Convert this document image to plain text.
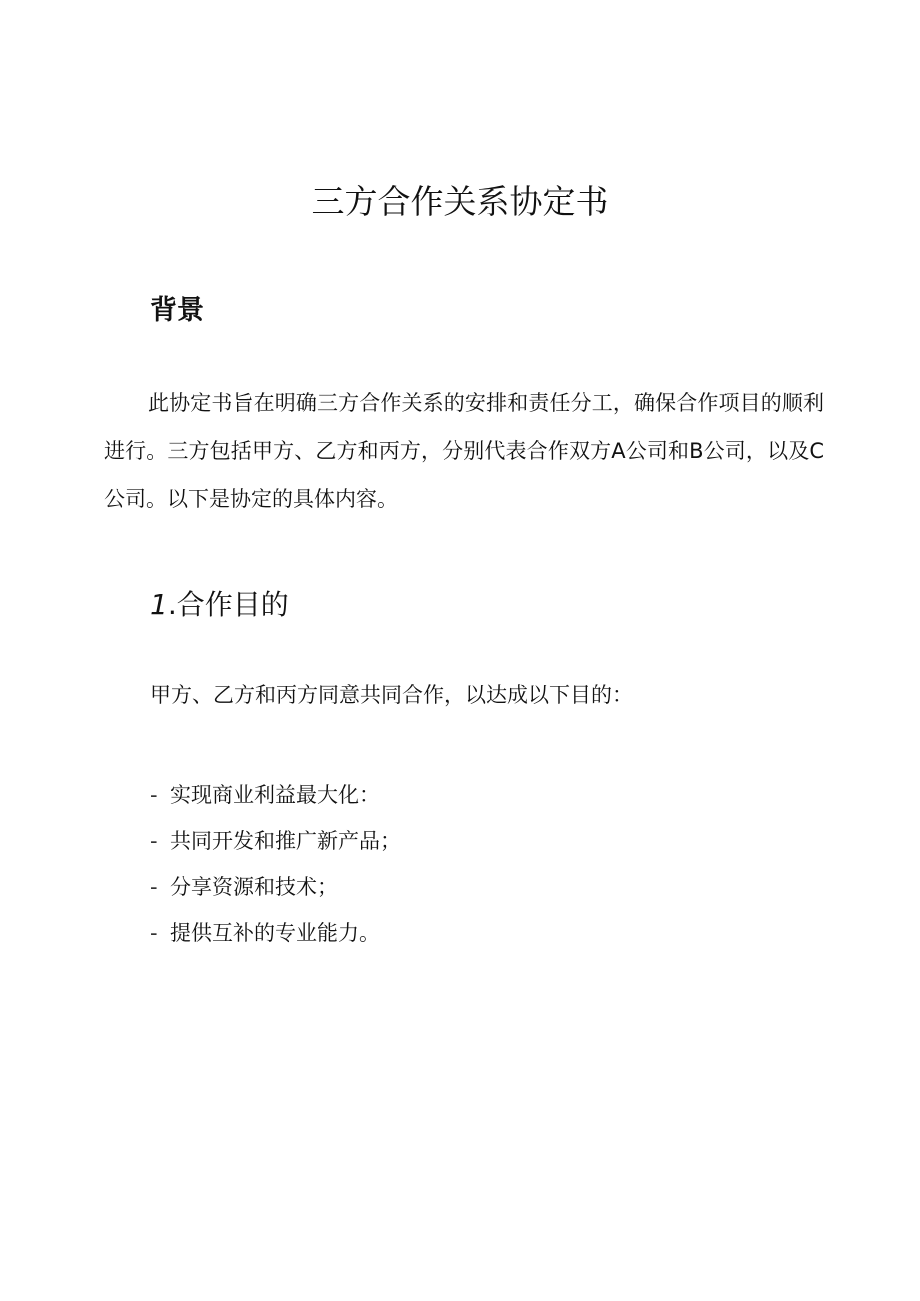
三方合作关系协定书
背景

此协定书旨在明确三方合作关系的安排和责任分工，确保合作项目的顺利进行。三方包括甲方、乙方和丙方，分别代表合作双方A公司和B公司，以及C公司。以下是协定的具体内容。

1.合作目的

甲方、乙方和丙方同意共同合作，以达成以下目的：

- 实现商业利益最大化：
- 共同开发和推广新产品；
- 分享资源和技术；
- 提供互补的专业能力。
